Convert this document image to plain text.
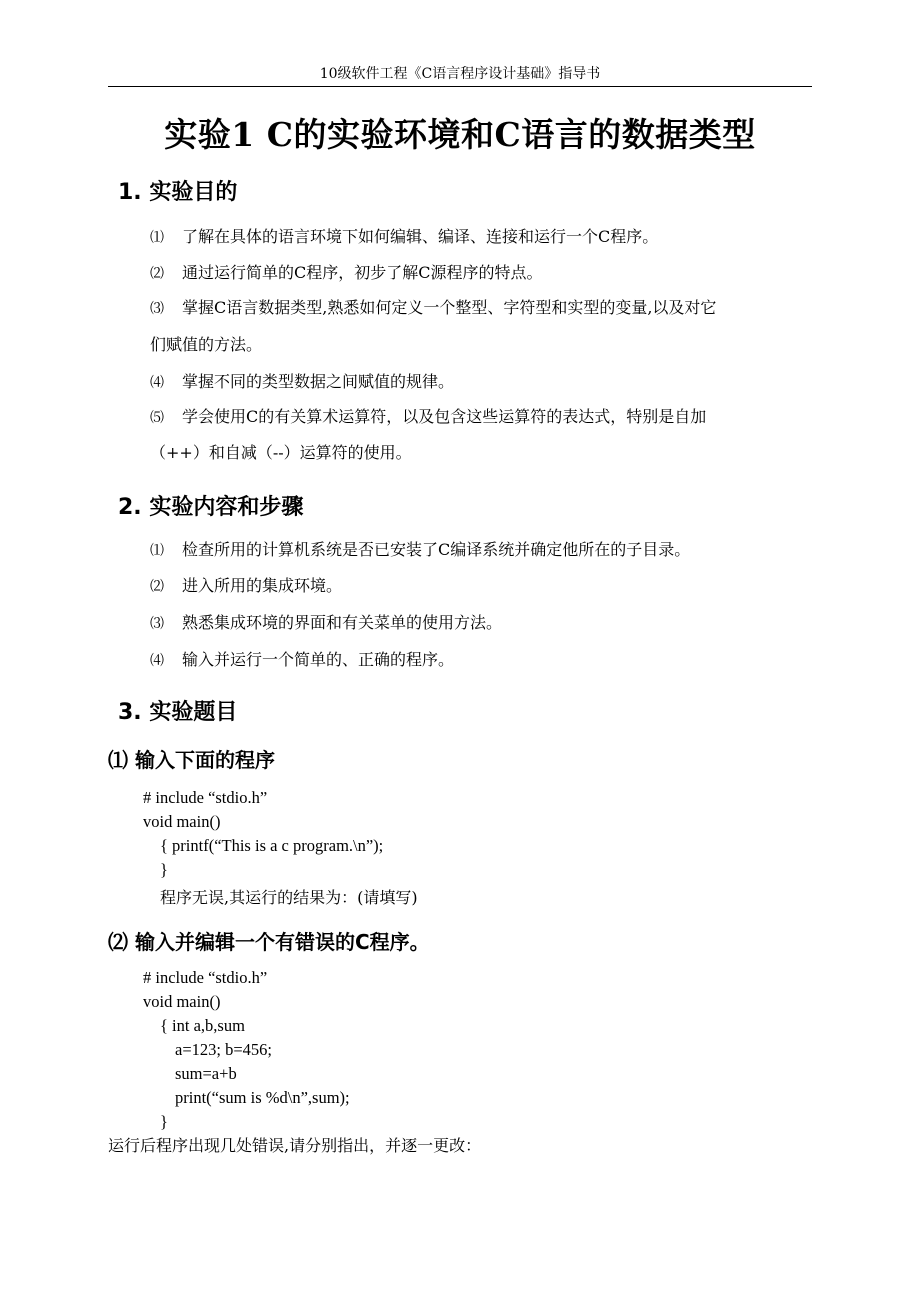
10级软件工程《C语言程序设计基础》指导书
实验1 C的实验环境和C语言的数据类型
1. 实验目的
⑴ 了解在具体的语言环境下如何编辑、编译、连接和运行一个C程序。
⑵ 通过运行简单的C程序，初步了解C源程序的特点。
⑶ 掌握C语言数据类型,熟悉如何定义一个整型、字符型和实型的变量,以及对它
们赋值的方法。
⑷ 掌握不同的类型数据之间赋值的规律。
⑸ 学会使用C的有关算术运算符，以及包含这些运算符的表达式，特别是自加
（++）和自减（--）运算符的使用。
2. 实验内容和步骤
⑴ 检查所用的计算机系统是否已安装了C编译系统并确定他所在的子目录。
⑵ 进入所用的集成环境。
⑶ 熟悉集成环境的界面和有关菜单的使用方法。
⑷ 输入并运行一个简单的、正确的程序。
3. 实验题目
⑴ 输入下面的程序
# include “stdio.h”
void main()
{ printf(“This is a c program.\n”);
}
程序无误,其运行的结果为：(请填写)
⑵ 输入并编辑一个有错误的C程序。
# include “stdio.h”
void main()
{ int a,b,sum
a=123; b=456;
sum=a+b
print(“sum is %d\n”,sum);
}
运行后程序出现几处错误,请分别指出，并逐一更改：
